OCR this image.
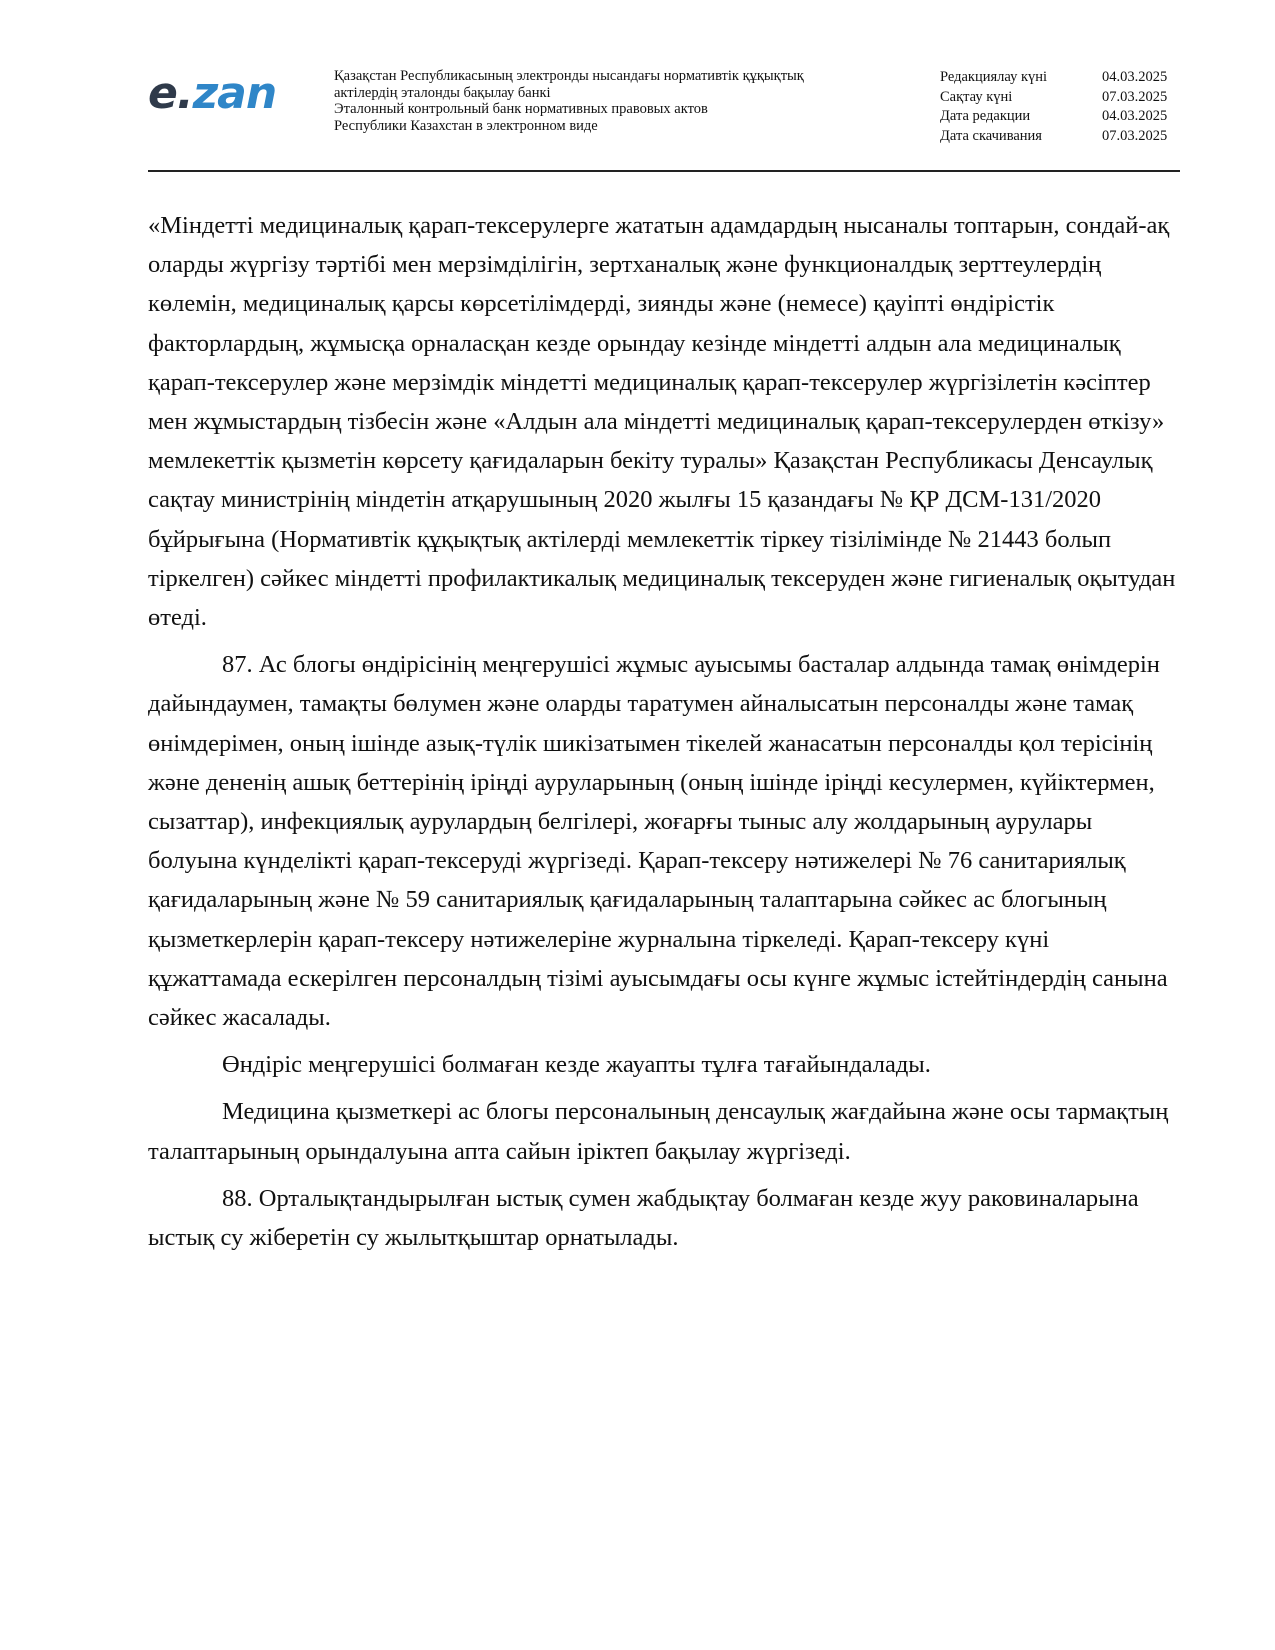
e.zan	Қазақстан Республикасының электронды нысандағы нормативтік құқықтық
актілердің эталонды бақылау банкі
Эталонный контрольный банк нормативных правовых актов
Республики Казахстан в электронном виде
Редакциялау күні	04.03.2025
Сақтау күні	07.03.2025
Дата редакции	04.03.2025
Дата скачивания	07.03.2025

«Міндетті медициналық қарап-тексерулерге жататын адамдардың нысаналы топтарын, сондай-ақ оларды жүргізу тәртібі мен мерзімділігін, зертханалық және функционалдық зерттеулердің көлемін, медициналық қарсы көрсетілімдерді, зиянды және (немесе) қауіпті өндірістік факторлардың, жұмысқа орналасқан кезде орындау кезінде міндетті алдын ала медициналық қарап-тексерулер және мерзімдік міндетті медициналық қарап-тексерулер жүргізілетін кәсіптер мен жұмыстардың тізбесін және «Алдын ала міндетті медициналық қарап-тексерулерден өткізу» мемлекеттік қызметін көрсету қағидаларын бекіту туралы» Қазақстан Республикасы Денсаулық сақтау министрінің міндетін атқарушының 2020 жылғы 15 қазандағы № ҚР ДСМ-131/2020 бұйрығына (Нормативтік құқықтық актілерді мемлекеттік тіркеу тізілімінде № 21443 болып тіркелген) сәйкес міндетті профилактикалық медициналық тексеруден және гигиеналық оқытудан өтеді.

87. Ас блогы өндірісінің меңгерушісі жұмыс ауысымы басталар алдында тамақ өнімдерін дайындаумен, тамақты бөлумен және оларды таратумен айналысатын персоналды және тамақ өнімдерімен, оның ішінде азық-түлік шикізатымен тікелей жанасатын персоналды қол терісінің және дененің ашық беттерінің іріңді ауруларының (оның ішінде іріңді кесулермен, күйіктермен, сызаттар), инфекциялық аурулардың белгілері, жоғарғы тыныс алу жолдарының аурулары болуына күнделікті қарап-тексеруді жүргізеді. Қарап-тексеру нәтижелері № 76 санитариялық қағидаларының және № 59 санитариялық қағидаларының талаптарына сәйкес ас блогының қызметкерлерін қарап-тексеру нәтижелеріне журналына тіркеледі. Қарап-тексеру күні құжаттамада ескерілген персоналдың тізімі ауысымдағы осы күнге жұмыс істейтіндердің санына сәйкес жасалады.

Өндіріс меңгерушісі болмаған кезде жауапты тұлға тағайындалады.

Медицина қызметкері ас блогы персоналының денсаулық жағдайына және осы тармақтың талаптарының орындалуына апта сайын іріктеп бақылау жүргізеді.

88. Орталықтандырылған ыстық сумен жабдықтау болмаған кезде жуу раковиналарына ыстық су жіберетін су жылытқыштар орнатылады.
